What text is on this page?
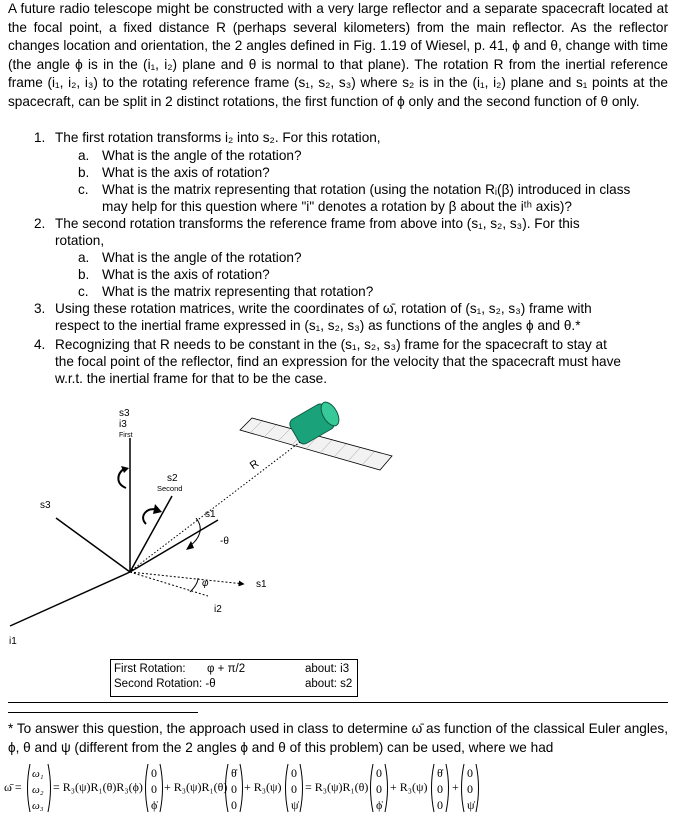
A future radio telescope might be constructed with a very large reflector and a separate spacecraft located at the focal point, a fixed distance R (perhaps several kilometers) from the main reflector. As the reflector changes location and orientation, the 2 angles defined in Fig. 1.19 of Wiesel, p. 41, ϕ and θ, change with time (the angle ϕ is in the (i₁, i₂) plane and θ is normal to that plane). The rotation R from the inertial reference frame (i₁, i₂, i₃) to the rotating reference frame (s₁, s₂, s₃) where s₂ is in the (i₁, i₂) plane and s₁ points at the spacecraft, can be split in 2 distinct rotations, the first function of ϕ only and the second function of θ only.

1. The first rotation transforms i₂ into s₂. For this rotation,
a. What is the angle of the rotation?
b. What is the axis of rotation?
c. What is the matrix representing that rotation (using the notation Rᵢ(β) introduced in class
may help for this question where "i" denotes a rotation by β about the iᵗʰ axis)?
2. The second rotation transforms the reference frame from above into (s₁, s₂, s₃). For this
rotation,
a. What is the angle of the rotation?
b. What is the axis of rotation?
c. What is the matrix representing that rotation?
3. Using these rotation matrices, write the coordinates of ω̄, rotation of (s₁, s₂, s₃) frame with
respect to the inertial frame expressed in (s₁, s₂, s₃) as functions of the angles ϕ and θ.*
4. Recognizing that R needs to be constant in the (s₁, s₂, s₃) frame for the spacecraft to stay at
the focal point of the reflector, find an expression for the velocity that the spacecraft must have
w.r.t. the inertial frame for that to be the case.
R
s3
i3
First
s2
Second
s3
s1
-θ
φ	s1
i2
i1
First Rotation: φ + π/2	about: i3
Second Rotation: -θ	about: s2

* To answer this question, the approach used in class to determine ω̄ as function of the classical Euler angles, ϕ, θ and ψ (different from the 2 angles ϕ and θ of this problem) can be used, where we had

ω̄ =
ω₁
ω₂
ω₃
= R₃(ψ)R₁(θ)R₃(ϕ)
0
0
ϕ̇
+ R₃(ψ)R₁(θ)
θ̇
0
0
+ R₃(ψ)
0
0
ψ̇
= R₃(ψ)R₁(θ)
0
0
ϕ̇
+ R₃(ψ)
θ̇
0
0
+
0
0
ψ̇
